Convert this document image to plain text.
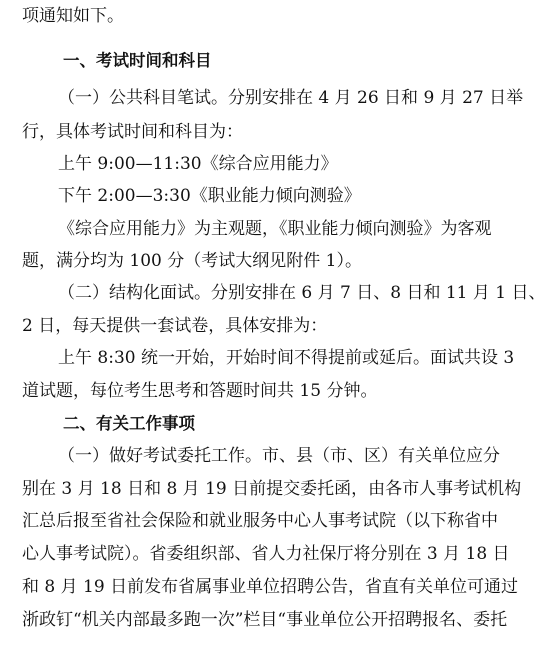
项通知如下。
一、考试时间和科目
（一）公共科目笔试。分别安排在 4 月 26 日和 9 月 27 日举
行，具体考试时间和科目为：
上午 9:00—11:30《综合应用能力》
下午 2:00—3:30《职业能力倾向测验》
《综合应用能力》为主观题，《职业能力倾向测验》为客观
题，满分均为 100 分（考试大纲见附件 1）。
（二）结构化面试。分别安排在 6 月 7 日、8 日和 11 月 1 日、
2 日，每天提供一套试卷，具体安排为：
上午 8:30 统一开始，开始时间不得提前或延后。面试共设 3
道试题，每位考生思考和答题时间共 15 分钟。
二、有关工作事项
（一）做好考试委托工作。市、县（市、区）有关单位应分
别在 3 月 18 日和 8 月 19 日前提交委托函，由各市人事考试机构
汇总后报至省社会保险和就业服务中心人事考试院（以下称省中
心人事考试院）。省委组织部、省人力社保厅将分别在 3 月 18 日
和 8 月 19 日前发布省属事业单位招聘公告，省直有关单位可通过
浙政钉“机关内部最多跑一次”栏目“事业单位公开招聘报名、委托
